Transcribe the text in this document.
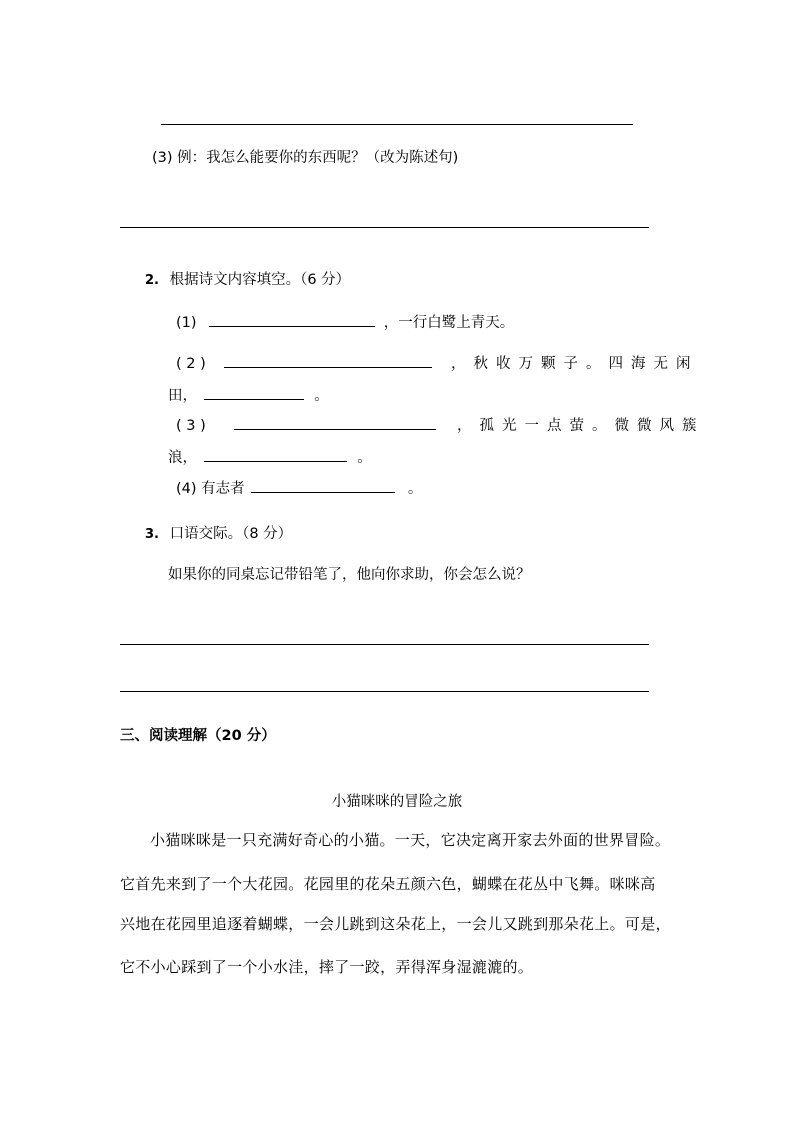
(3) 例：我怎么能要你的东西呢？（改为陈述句)
2. 根据诗文内容填空。（6 分）
(1)	，一行白鹭上青天。
( 2 )	，秋收万颗子。四海无闲
田，	。
( 3 )	，孤光一点萤。微微风簇
浪，	。
(4) 有志者	。
3. 口语交际。（8 分）
如果你的同桌忘记带铅笔了，他向你求助，你会怎么说？
三、阅读理解（20 分）
小猫咪咪的冒险之旅
小猫咪咪是一只充满好奇心的小猫。一天，它决定离开家去外面的世界冒险。
它首先来到了一个大花园。花园里的花朵五颜六色，蝴蝶在花丛中飞舞。咪咪高
兴地在花园里追逐着蝴蝶，一会儿跳到这朵花上，一会儿又跳到那朵花上。可是，
它不小心踩到了一个小水洼，摔了一跤，弄得浑身湿漉漉的。
